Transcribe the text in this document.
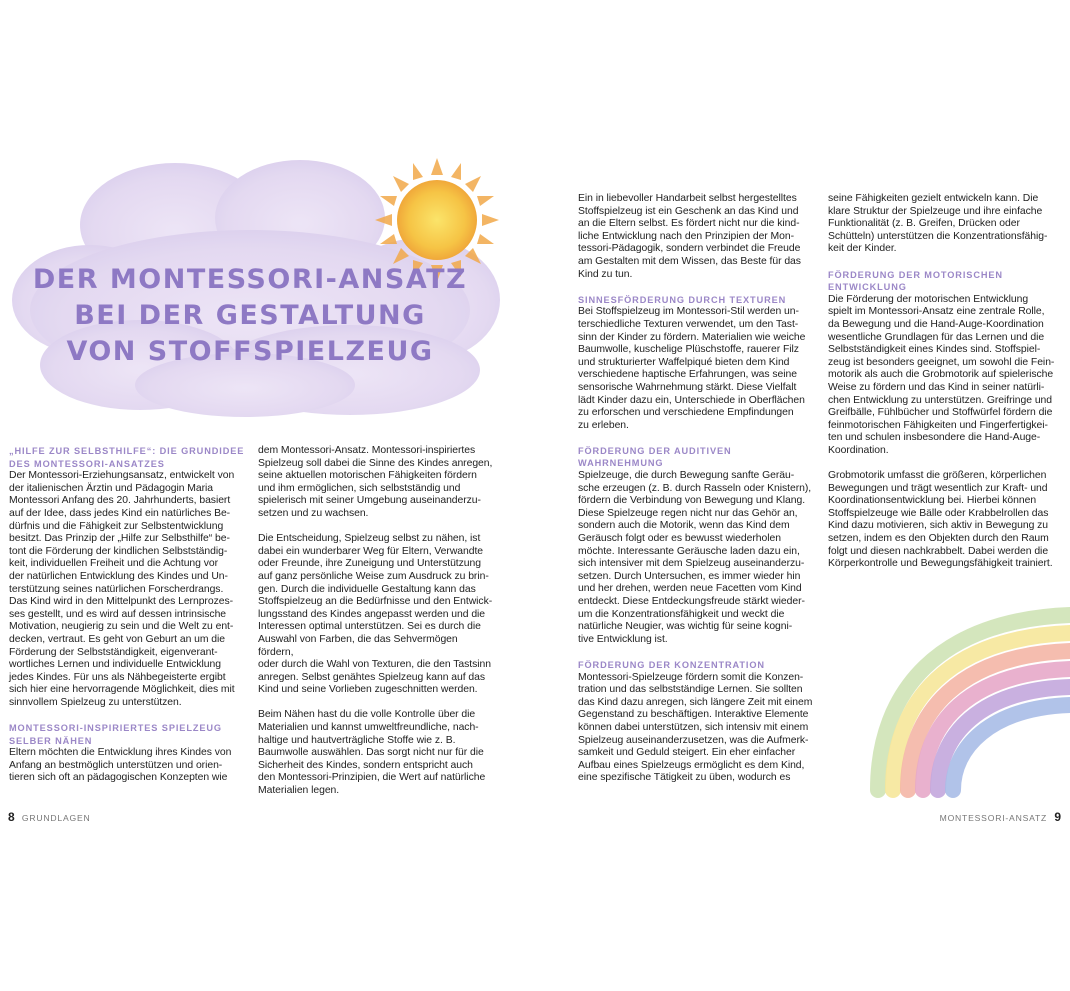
DER MONTESSORI-ANSATZ
BEI DER GESTALTUNG
VON STOFFSPIELZEUG
„HILFE ZUR SELBSTHILFE“: DIE GRUNDIDEE
DES MONTESSORI-ANSATZES

Der Montessori-Erziehungsansatz, entwickelt von
der italienischen Ärztin und Pädagogin Maria
Montessori Anfang des 20. Jahrhunderts, basiert
auf der Idee, dass jedes Kind ein natürliches Be-
dürfnis und die Fähigkeit zur Selbstentwicklung
besitzt. Das Prinzip der „Hilfe zur Selbsthilfe“ be-
tont die Förderung der kindlichen Selbstständig-
keit, individuellen Freiheit und die Achtung vor
der natürlichen Entwicklung des Kindes und Un-
terstützung seines natürlichen Forscherdrangs.
Das Kind wird in den Mittelpunkt des Lernprozes-
ses gestellt, und es wird auf dessen intrinsische
Motivation, neugierig zu sein und die Welt zu ent-
decken, vertraut. Es geht von Geburt an um die
Förderung der Selbstständigkeit, eigenverant-
wortliches Lernen und individuelle Entwicklung
jedes Kindes. Für uns als Nähbegeisterte ergibt
sich hier eine hervorragende Möglichkeit, dies mit
sinnvollem Spielzeug zu unterstützen.

MONTESSORI-INSPIRIERTES SPIELZEUG
SELBER NÄHEN

Eltern möchten die Entwicklung ihres Kindes von
Anfang an bestmöglich unterstützen und orien-
tieren sich oft an pädagogischen Konzepten wie

dem Montessori-Ansatz. Montessori-inspiriertes
Spielzeug soll dabei die Sinne des Kindes anregen,
seine aktuellen motorischen Fähigkeiten fördern
und ihm ermöglichen, sich selbstständig und
spielerisch mit seiner Umgebung auseinanderzu-
setzen und zu wachsen.

Die Entscheidung, Spielzeug selbst zu nähen, ist
dabei ein wunderbarer Weg für Eltern, Verwandte
oder Freunde, ihre Zuneigung und Unterstützung
auf ganz persönliche Weise zum Ausdruck zu brin-
gen. Durch die individuelle Gestaltung kann das
Stoffspielzeug an die Bedürfnisse und den Entwick-
lungsstand des Kindes angepasst werden und die
Interessen optimal unterstützen. Sei es durch die
Auswahl von Farben, die das Sehvermögen fördern,
oder durch die Wahl von Texturen, die den Tastsinn
anregen. Selbst genähtes Spielzeug kann auf das
Kind und seine Vorlieben zugeschnitten werden.

Beim Nähen hast du die volle Kontrolle über die
Materialien und kannst umweltfreundliche, nach-
haltige und hautverträgliche Stoffe wie z. B.
Baumwolle auswählen. Das sorgt nicht nur für die
Sicherheit des Kindes, sondern entspricht auch
den Montessori-Prinzipien, die Wert auf natürliche
Materialien legen.

Ein in liebevoller Handarbeit selbst hergestelltes
Stoffspielzeug ist ein Geschenk an das Kind und
an die Eltern selbst. Es fördert nicht nur die kind-
liche Entwicklung nach den Prinzipien der Mon-
tessori-Pädagogik, sondern verbindet die Freude
am Gestalten mit dem Wissen, das Beste für das
Kind zu tun.

SINNESFÖRDERUNG DURCH TEXTUREN

Bei Stoffspielzeug im Montessori-Stil werden un-
terschiedliche Texturen verwendet, um den Tast-
sinn der Kinder zu fördern. Materialien wie weiche
Baumwolle, kuschelige Plüschstoffe, rauerer Filz
und strukturierter Waffelpiqué bieten dem Kind
verschiedene haptische Erfahrungen, was seine
sensorische Wahrnehmung stärkt. Diese Vielfalt
lädt Kinder dazu ein, Unterschiede in Oberflächen
zu erforschen und verschiedene Empfindungen
zu erleben.

FÖRDERUNG DER AUDITIVEN
WAHRNEHMUNG

Spielzeuge, die durch Bewegung sanfte Geräu-
sche erzeugen (z. B. durch Rasseln oder Knistern),
fördern die Verbindung von Bewegung und Klang.
Diese Spielzeuge regen nicht nur das Gehör an,
sondern auch die Motorik, wenn das Kind dem
Geräusch folgt oder es bewusst wiederholen
möchte. Interessante Geräusche laden dazu ein,
sich intensiver mit dem Spielzeug auseinanderzu-
setzen. Durch Untersuchen, es immer wieder hin
und her drehen, werden neue Facetten vom Kind
entdeckt. Diese Entdeckungsfreude stärkt wieder-
um die Konzentrationsfähigkeit und weckt die
natürliche Neugier, was wichtig für seine kogni-
tive Entwicklung ist.

FÖRDERUNG DER KONZENTRATION

Montessori-Spielzeuge fördern somit die Konzen-
tration und das selbstständige Lernen. Sie sollten
das Kind dazu anregen, sich längere Zeit mit einem
Gegenstand zu beschäftigen. Interaktive Elemente
können dabei unterstützen, sich intensiv mit einem
Spielzeug auseinanderzusetzen, was die Aufmerk-
samkeit und Geduld steigert. Ein eher einfacher
Aufbau eines Spielzeugs ermöglicht es dem Kind,
eine spezifische Tätigkeit zu üben, wodurch es

seine Fähigkeiten gezielt entwickeln kann. Die
klare Struktur der Spielzeuge und ihre einfache
Funktionalität (z. B. Greifen, Drücken oder
Schütteln) unterstützen die Konzentrationsfähig-
keit der Kinder.

FÖRDERUNG DER MOTORISCHEN
ENTWICKLUNG

Die Förderung der motorischen Entwicklung
spielt im Montessori-Ansatz eine zentrale Rolle,
da Bewegung und die Hand-Auge-Koordination
wesentliche Grundlagen für das Lernen und die
Selbstständigkeit eines Kindes sind. Stoffspiel-
zeug ist besonders geeignet, um sowohl die Fein-
motorik als auch die Grobmotorik auf spielerische
Weise zu fördern und das Kind in seiner natürli-
chen Entwicklung zu unterstützen. Greifringe und
Greifbälle, Fühlbücher und Stoffwürfel fördern die
feinmotorischen Fähigkeiten und Fingerfertigkei-
ten und schulen insbesondere die Hand-Auge-
Koordination.

Grobmotorik umfasst die größeren, körperlichen
Bewegungen und trägt wesentlich zur Kraft- und
Koordinationsentwicklung bei. Hierbei können
Stoffspielzeuge wie Bälle oder Krabbelrollen das
Kind dazu motivieren, sich aktiv in Bewegung zu
setzen, indem es den Objekten durch den Raum
folgt und diesen nachkrabbelt. Dabei werden die
Körperkontrolle und Bewegungsfähigkeit trainiert.

8 GRUNDLAGEN	MONTESSORI-ANSATZ 9
